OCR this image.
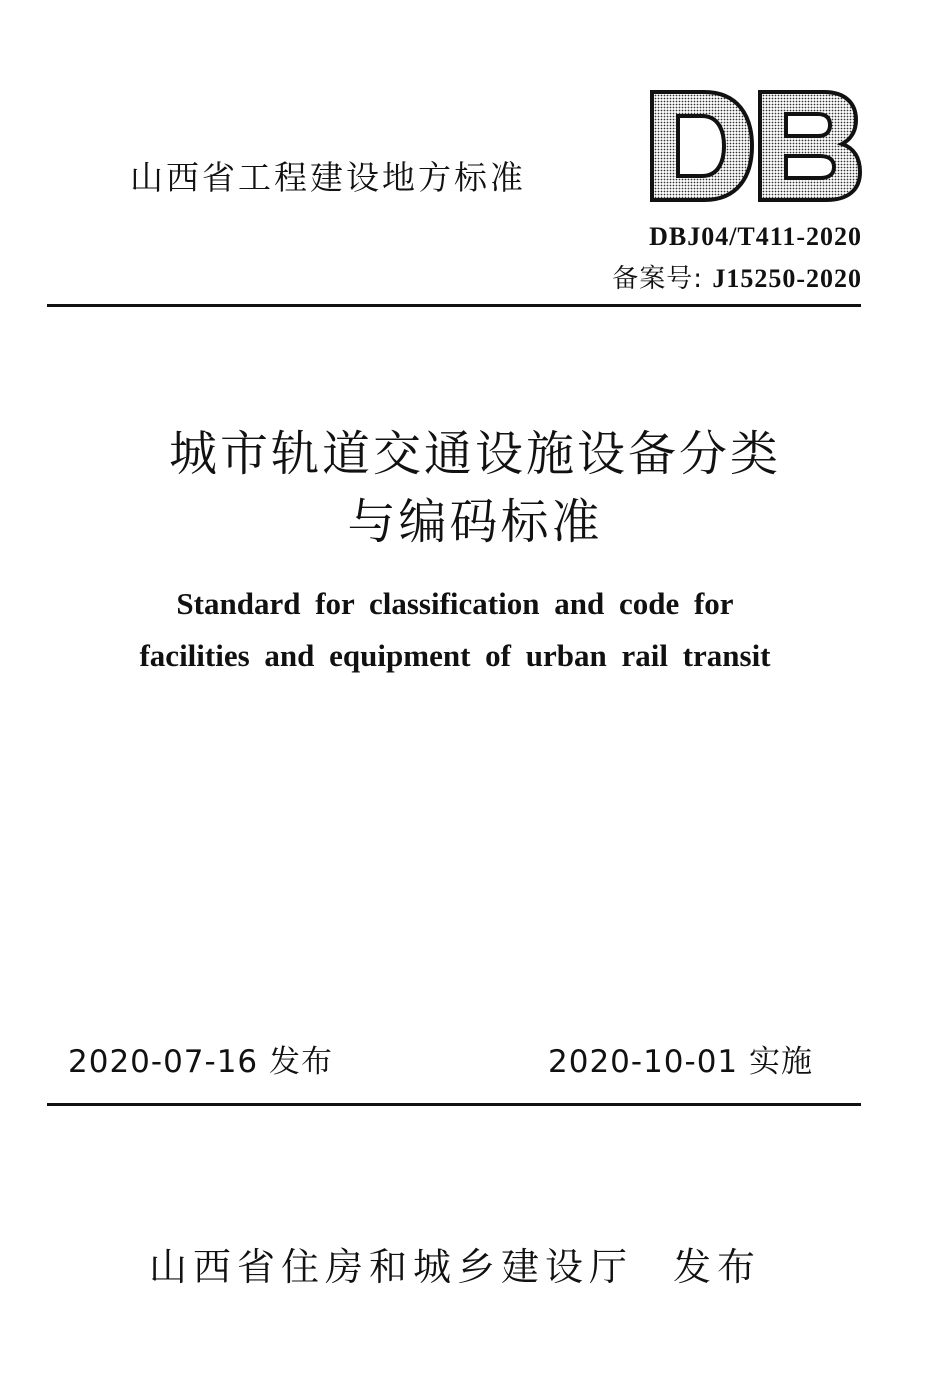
山西省工程建设地方标准
DBJ04/T411-2020
备案号: J15250-2020
城市轨道交通设施设备分类
与编码标准
Standard for classification and code for
facilities and equipment of urban rail transit
2020-07-16 发布	2020-10-01 实施
山西省住房和城乡建设厅 发布
